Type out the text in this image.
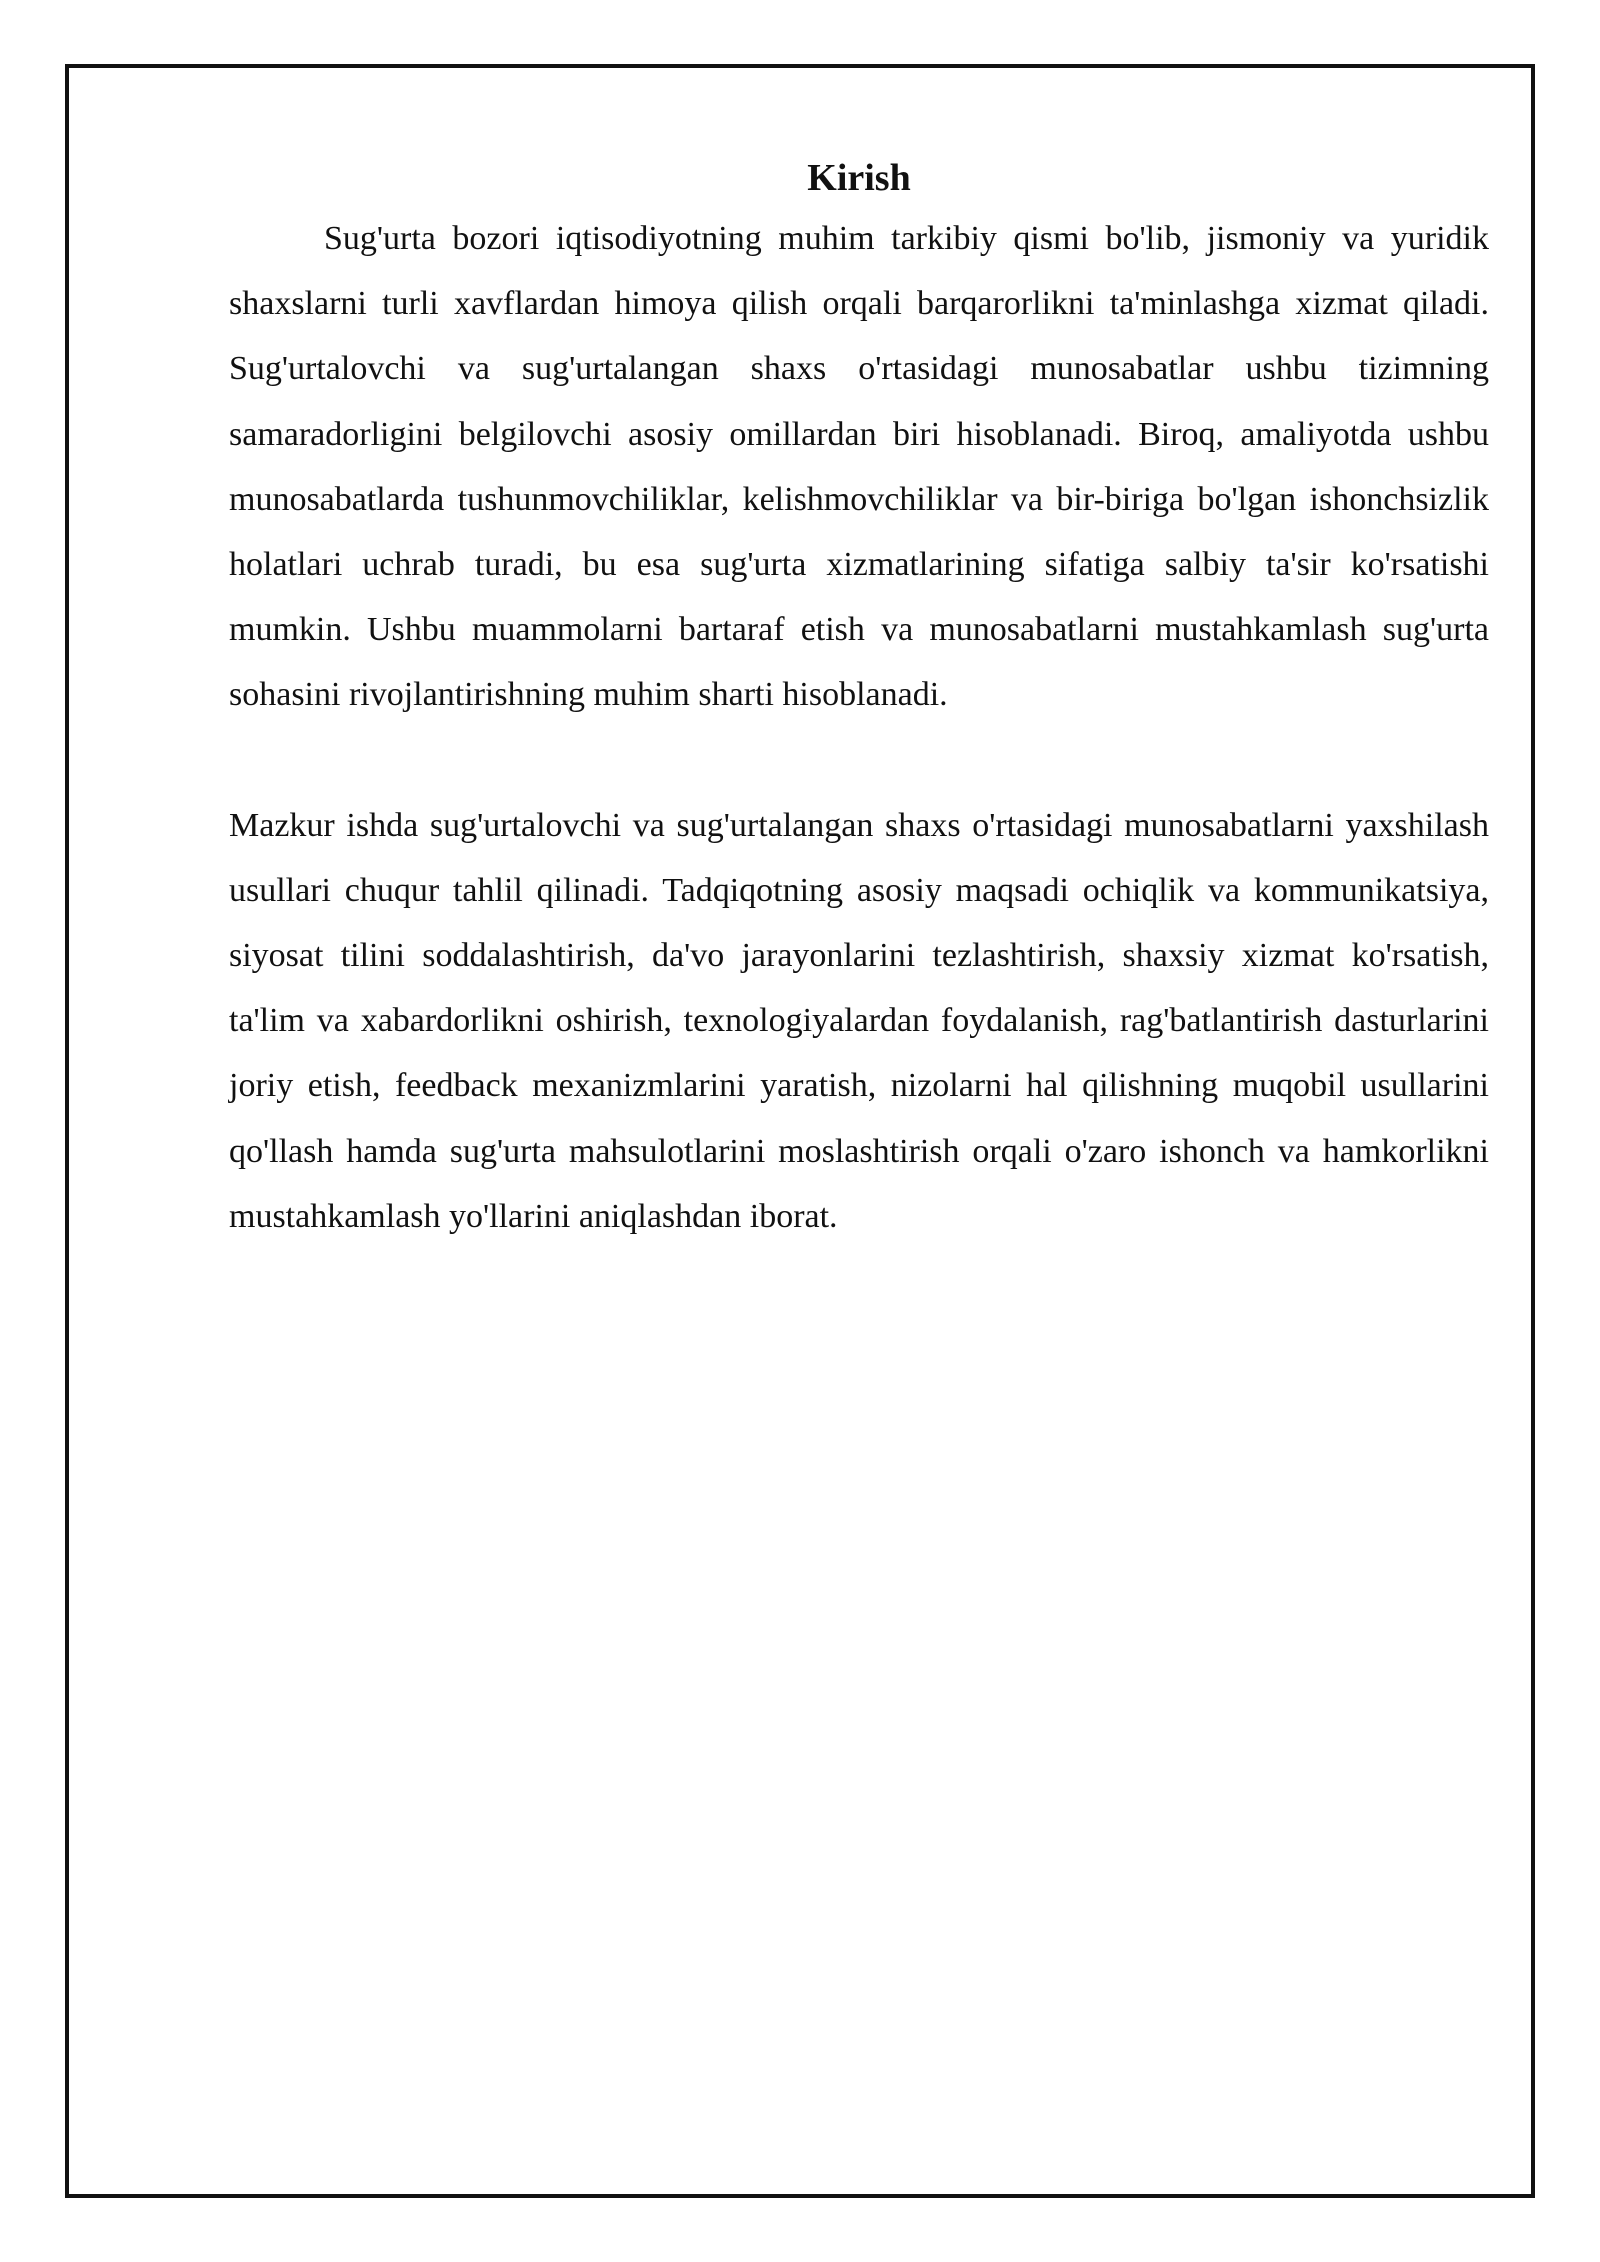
Kirish

Sug'urta bozori iqtisodiyotning muhim tarkibiy qismi bo'lib, jismoniy va yuridik shaxslarni turli xavflardan himoya qilish orqali barqarorlikni ta'minlashga xizmat qiladi. Sug'urtalovchi va sug'urtalangan shaxs o'rtasidagi munosabatlar ushbu tizimning samaradorligini belgilovchi asosiy omillardan biri hisoblanadi. Biroq, amaliyotda ushbu munosabatlarda tushunmovchiliklar, kelishmovchiliklar va bir-biriga bo'lgan ishonchsizlik holatlari uchrab turadi, bu esa sug'urta xizmatlarining sifatiga salbiy ta'sir ko'rsatishi mumkin. Ushbu muammolarni bartaraf etish va munosabatlarni mustahkamlash sug'urta sohasini rivojlantirishning muhim sharti hisoblanadi.

Mazkur ishda sug'urtalovchi va sug'urtalangan shaxs o'rtasidagi munosabatlarni yaxshilash usullari chuqur tahlil qilinadi. Tadqiqotning asosiy maqsadi ochiqlik va kommunikatsiya, siyosat tilini soddalashtirish, da'vo jarayonlarini tezlashtirish, shaxsiy xizmat ko'rsatish, ta'lim va xabardorlikni oshirish, texnologiyalardan foydalanish, rag'batlantirish dasturlarini joriy etish, feedback mexanizmlarini yaratish, nizolarni hal qilishning muqobil usullarini qo'llash hamda sug'urta mahsulotlarini moslashtirish orqali o'zaro ishonch va hamkorlikni mustahkamlash yo'llarini aniqlashdan iborat.
